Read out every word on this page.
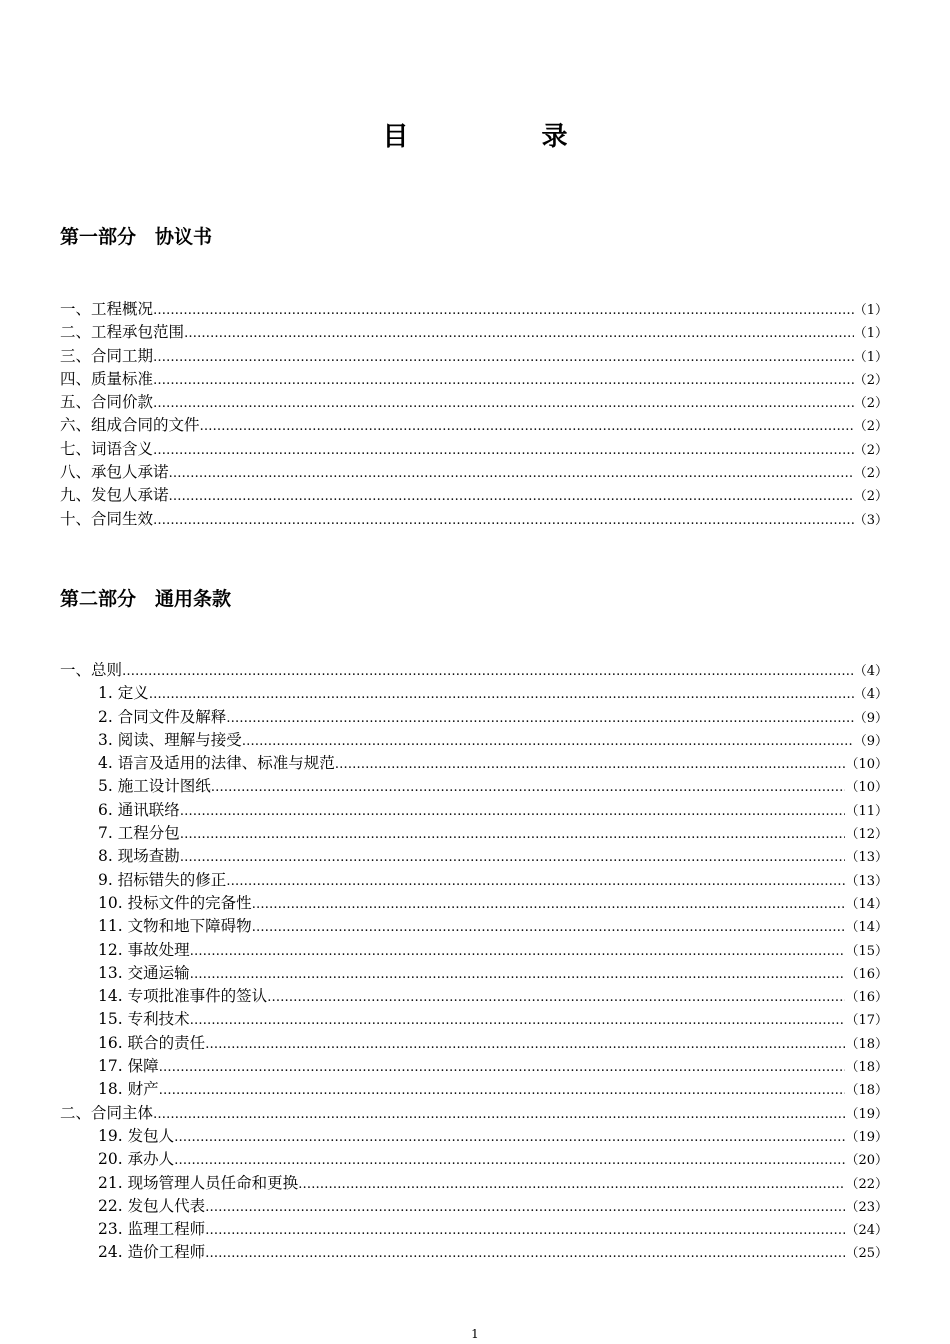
目 录
第一部分　协议书
一、工程概况 …………………………………………………………………………………………………………………………………………………………………………………………………………………………………………	（1）
二、工程承包范围 …………………………………………………………………………………………………………………………………………………………………………………………………………………………………………	（1）
三、合同工期 …………………………………………………………………………………………………………………………………………………………………………………………………………………………………………	（1）
四、质量标准 …………………………………………………………………………………………………………………………………………………………………………………………………………………………………………	（2）
五、合同价款 …………………………………………………………………………………………………………………………………………………………………………………………………………………………………………	（2）
六、组成合同的文件 …………………………………………………………………………………………………………………………………………………………………………………………………………………………………………	（2）
七、词语含义 …………………………………………………………………………………………………………………………………………………………………………………………………………………………………………	（2）
八、承包人承诺 …………………………………………………………………………………………………………………………………………………………………………………………………………………………………………	（2）
九、发包人承诺 …………………………………………………………………………………………………………………………………………………………………………………………………………………………………………	（2）
十、合同生效 …………………………………………………………………………………………………………………………………………………………………………………………………………………………………………	（3）
第二部分　通用条款
一、总则 …………………………………………………………………………………………………………………………………………………………………………………………………………………………………………	（4）
1. 定义 …………………………………………………………………………………………………………………………………………………………………………………………………………………………………………	（4）
2. 合同文件及解释 …………………………………………………………………………………………………………………………………………………………………………………………………………………………………………	（9）
3. 阅读、理解与接受 …………………………………………………………………………………………………………………………………………………………………………………………………………………………………………	（9）
4. 语言及适用的法律、标准与规范 …………………………………………………………………………………………………………………………………………………………………………………………………………………………………………	（10）
5. 施工设计图纸 …………………………………………………………………………………………………………………………………………………………………………………………………………………………………………	（10）
6. 通讯联络 …………………………………………………………………………………………………………………………………………………………………………………………………………………………………………	（11）
7. 工程分包 …………………………………………………………………………………………………………………………………………………………………………………………………………………………………………	（12）
8. 现场查勘 …………………………………………………………………………………………………………………………………………………………………………………………………………………………………………	（13）
9. 招标错失的修正 …………………………………………………………………………………………………………………………………………………………………………………………………………………………………………	（13）
10. 投标文件的完备性 …………………………………………………………………………………………………………………………………………………………………………………………………………………………………………	（14）
11. 文物和地下障碍物 …………………………………………………………………………………………………………………………………………………………………………………………………………………………………………	（14）
12. 事故处理 …………………………………………………………………………………………………………………………………………………………………………………………………………………………………………	（15）
13. 交通运输 …………………………………………………………………………………………………………………………………………………………………………………………………………………………………………	（16）
14. 专项批准事件的签认 …………………………………………………………………………………………………………………………………………………………………………………………………………………………………………	（16）
15. 专利技术 …………………………………………………………………………………………………………………………………………………………………………………………………………………………………………	（17）
16. 联合的责任 …………………………………………………………………………………………………………………………………………………………………………………………………………………………………………	（18）
17. 保障 …………………………………………………………………………………………………………………………………………………………………………………………………………………………………………	（18）
18. 财产 …………………………………………………………………………………………………………………………………………………………………………………………………………………………………………	（18）
二、合同主体 …………………………………………………………………………………………………………………………………………………………………………………………………………………………………………	（19）
19. 发包人 …………………………………………………………………………………………………………………………………………………………………………………………………………………………………………	（19）
20. 承办人 …………………………………………………………………………………………………………………………………………………………………………………………………………………………………………	（20）
21. 现场管理人员任命和更换 …………………………………………………………………………………………………………………………………………………………………………………………………………………………………………	（22）
22. 发包人代表 …………………………………………………………………………………………………………………………………………………………………………………………………………………………………………	（23）
23. 监理工程师 …………………………………………………………………………………………………………………………………………………………………………………………………………………………………………	（24）
24. 造价工程师 …………………………………………………………………………………………………………………………………………………………………………………………………………………………………………	（25）
1
